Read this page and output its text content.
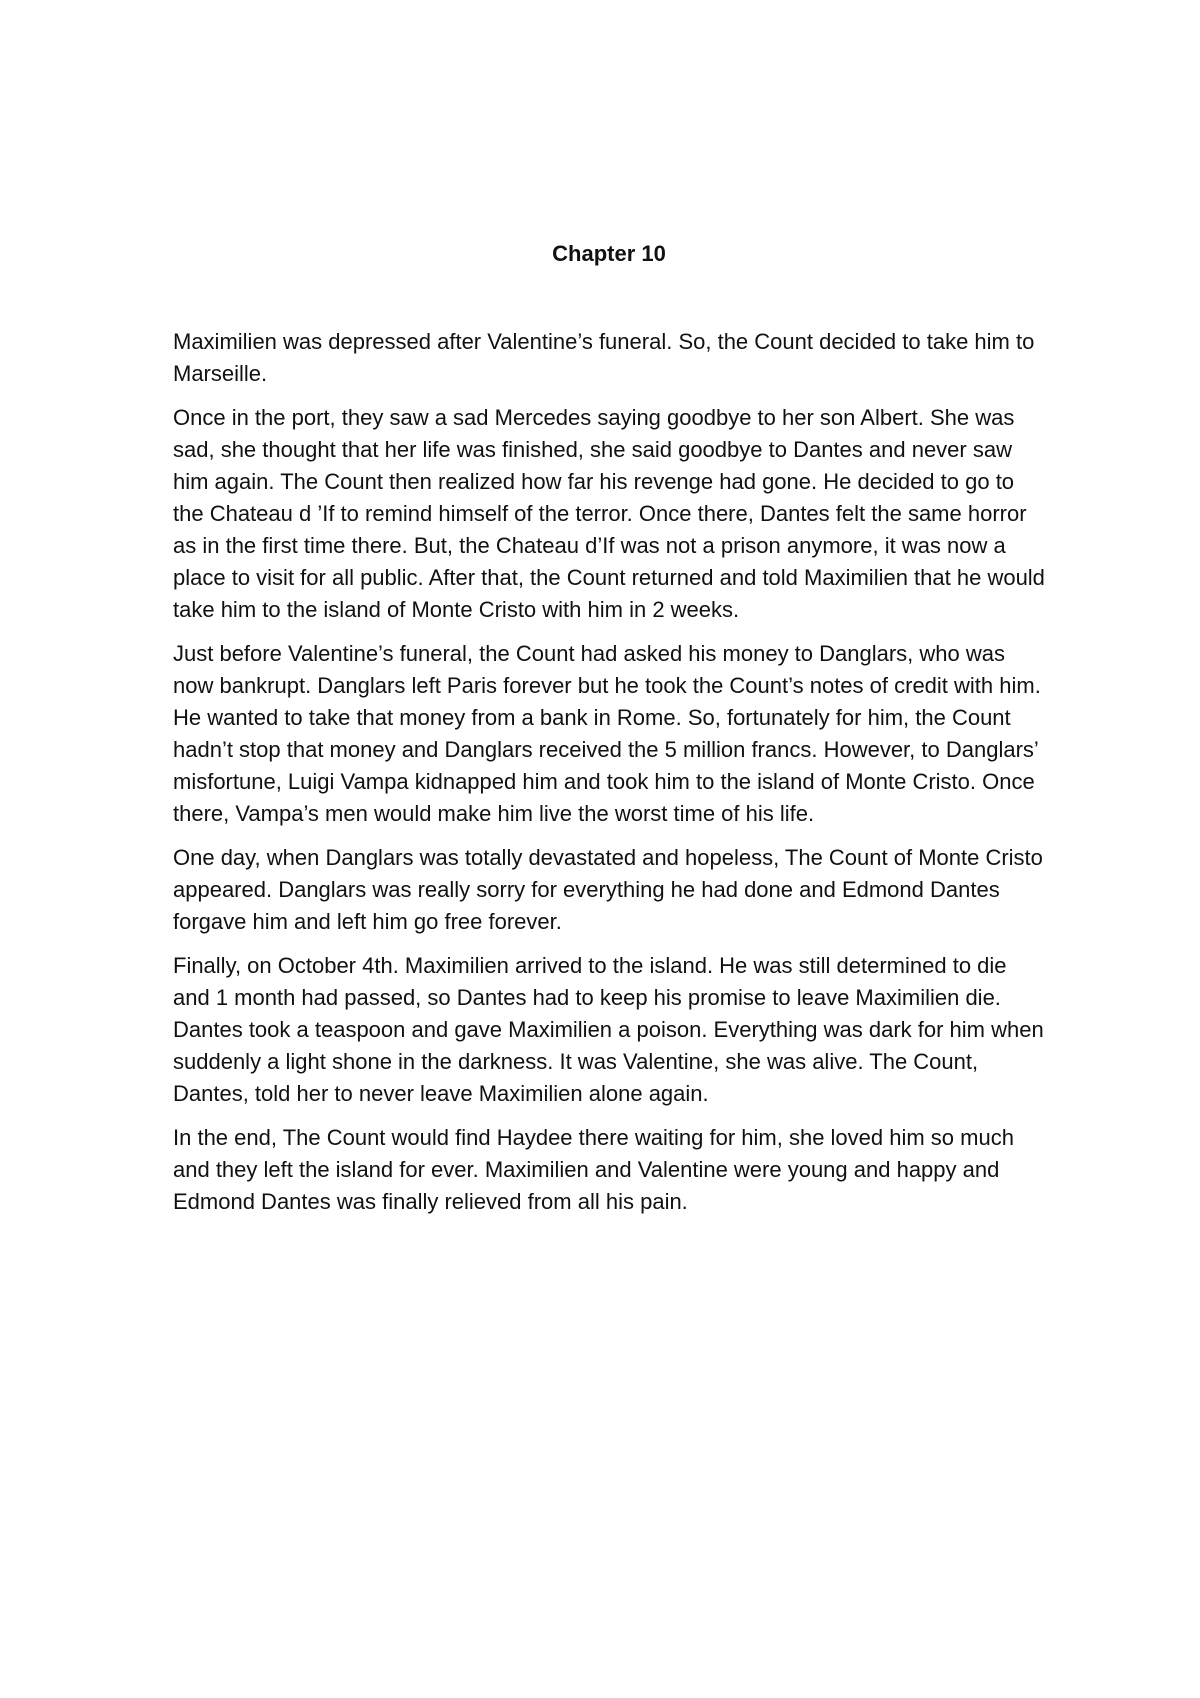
Chapter 10

Maximilien was depressed after Valentine’s funeral. So, the Count decided to take him to Marseille.

Once in the port, they saw a sad Mercedes saying goodbye to her son Albert. She was sad, she thought that her life was finished, she said goodbye to Dantes and never saw him again. The Count then realized how far his revenge had gone. He decided to go to the Chateau d ’If to remind himself of the terror. Once there, Dantes felt the same horror as in the first time there. But, the Chateau d’If was not a prison anymore, it was now a place to visit for all public. After that, the Count returned and told Maximilien that he would take him to the island of Monte Cristo with him in 2 weeks.

Just before Valentine’s funeral, the Count had asked his money to Danglars, who was now bankrupt. Danglars left Paris forever but he took the Count’s notes of credit with him. He wanted to take that money from a bank in Rome. So, fortunately for him, the Count hadn’t stop that money and Danglars received the 5 million francs. However, to Danglars’ misfortune, Luigi Vampa kidnapped him and took him to the island of Monte Cristo. Once there, Vampa’s men would make him live the worst time of his life.

One day, when Danglars was totally devastated and hopeless, The Count of Monte Cristo appeared. Danglars was really sorry for everything he had done and Edmond Dantes forgave him and left him go free forever.

Finally, on October 4th. Maximilien arrived to the island. He was still determined to die and 1 month had passed, so Dantes had to keep his promise to leave Maximilien die. Dantes took a teaspoon and gave Maximilien a poison. Everything was dark for him when suddenly a light shone in the darkness. It was Valentine, she was alive. The Count, Dantes, told her to never leave Maximilien alone again.

In the end, The Count would find Haydee there waiting for him, she loved him so much and they left the island for ever. Maximilien and Valentine were young and happy and Edmond Dantes was finally relieved from all his pain.
